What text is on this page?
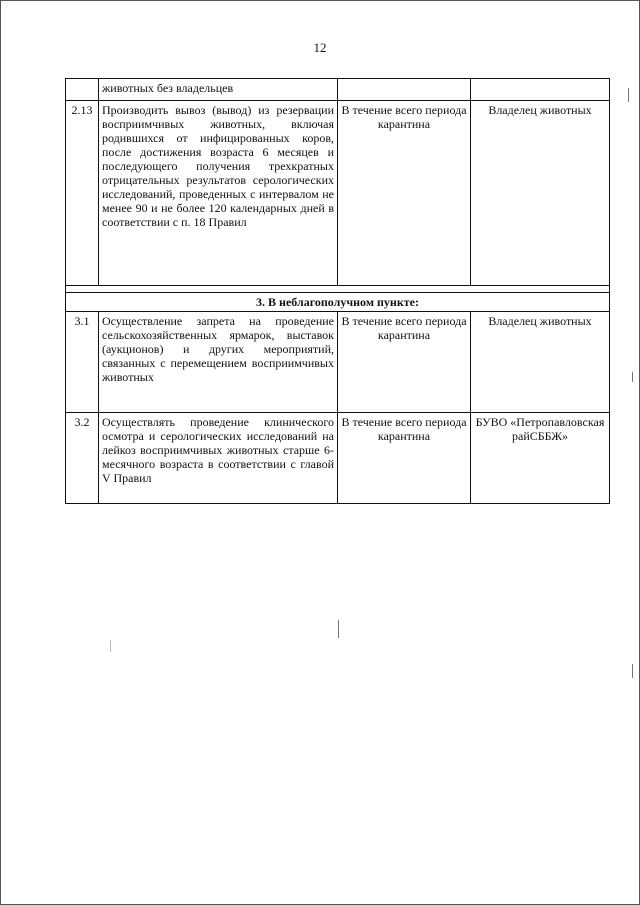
12
	животных без владельцев		
2.13	Производить вывоз (вывод) из резервации восприимчивых животных, включая родившихся от инфицированных коров, после достижения возраста 6 месяцев и последующего получения трехкратных отрицательных результатов серологических исследований, проведенных с интервалом не менее 90 и не более 120 календарных дней в соответствии с п. 18 Правил	В течение всего периода карантина	Владелец животных

3. В неблагополучном пункте:			
3.1	Осуществление запрета на проведение сельскохозяйственных ярмарок, выставок (аукционов) и других мероприятий, связанных с перемещением восприимчивых животных	В течение всего периода карантина	Владелец животных
3.2	Осуществлять проведение клинического осмотра и серологических исследований на лейкоз восприимчивых животных старше 6-месячного возраста в соответствии с главой V Правил	В течение всего периода карантина	БУВО «Петропавловская райСББЖ»
